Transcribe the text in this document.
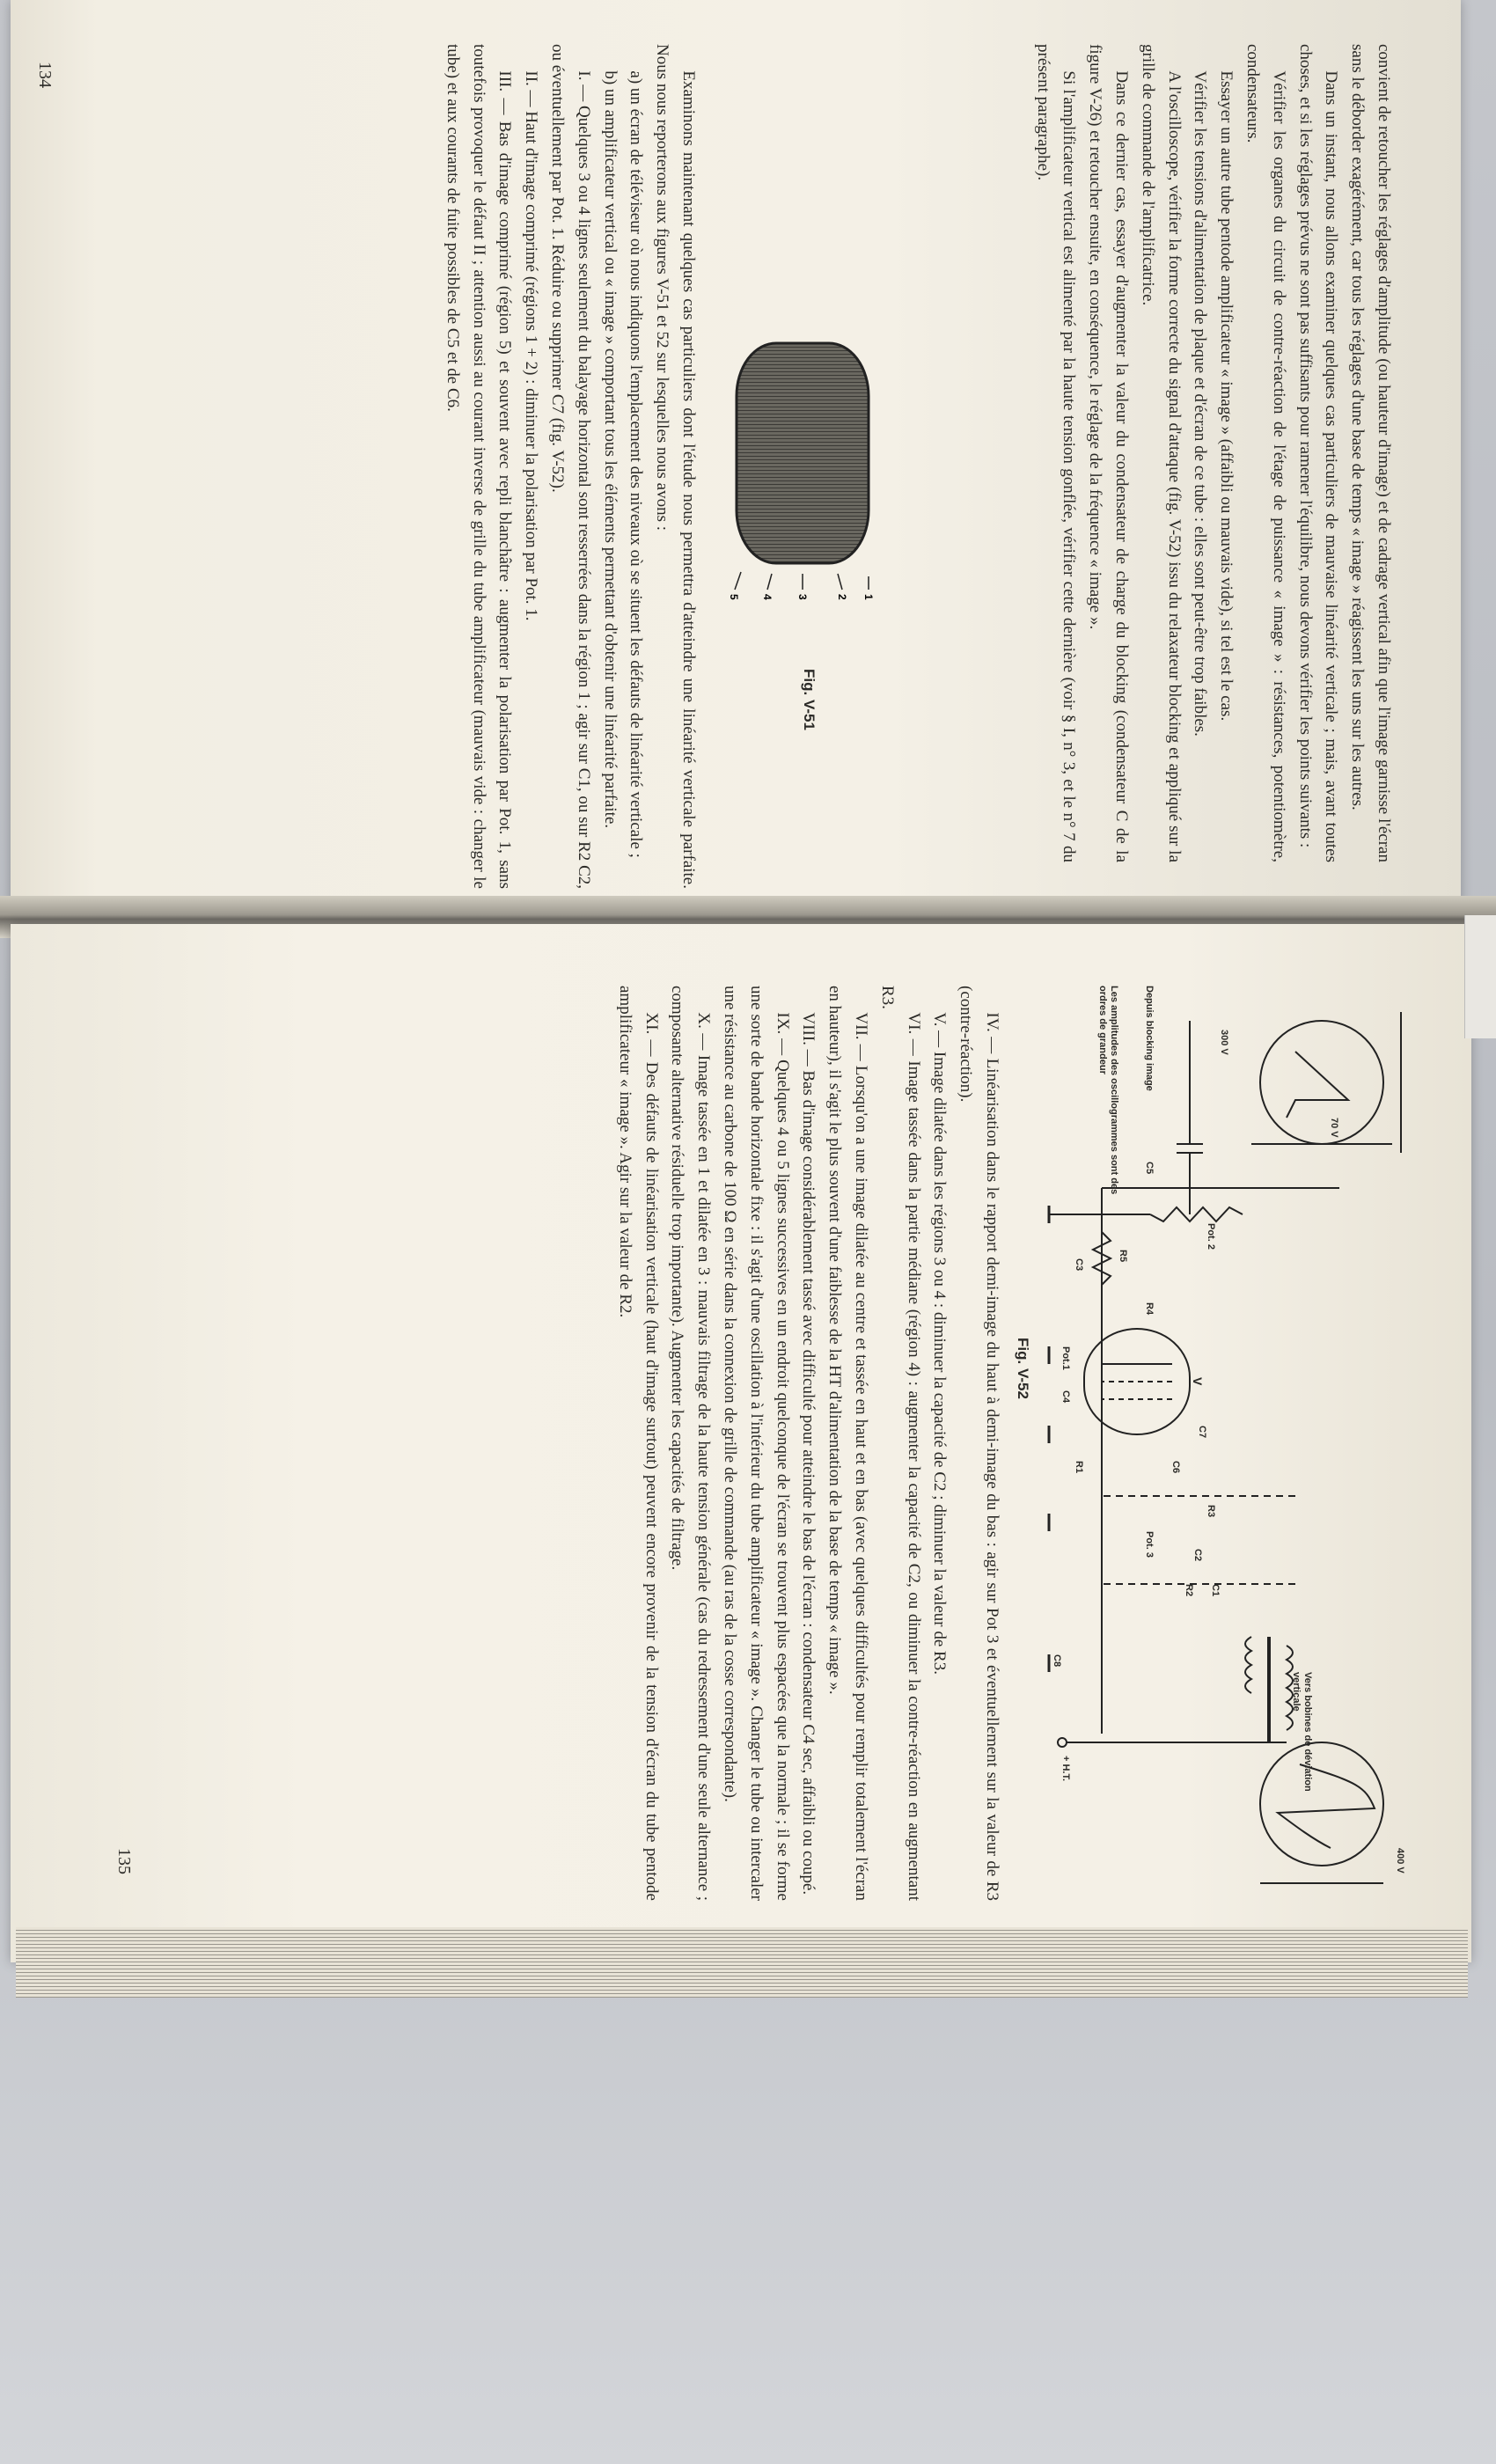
convient de retoucher les réglages d'amplitude (ou hauteur d'image) et de cadrage vertical afin que l'image garnisse l'écran sans le déborder exagérément, car tous les réglages d'une base de temps « image » réagissent les uns sur les autres.

Dans un instant, nous allons examiner quelques cas particuliers de mauvaise linéarité verticale ; mais, avant toutes choses, et si les réglages prévus ne sont pas suffisants pour ramener l'équilibre, nous devons vérifier les points suivants :

Vérifier les organes du circuit de contre-réaction de l'étage de puissance « image » : résistances, potentiomètre, condensateurs.

Essayer un autre tube pentode amplificateur « image » (affaibli ou mauvais vide), si tel est le cas.

Vérifier les tensions d'alimentation de plaque et d'écran de ce tube : elles sont peut-être trop faibles.

A l'oscilloscope, vérifier la forme correcte du signal d'attaque (fig. V-52) issu du relaxateur blocking et appliqué sur la grille de commande de l'amplificatrice.

Dans ce dernier cas, essayer d'augmenter la valeur du condensateur de charge du blocking (condensateur C de la figure V-26) et retoucher ensuite, en conséquence, le réglage de la fréquence « image ».

Si l'amplificateur vertical est alimenté par la haute tension gonflée, vérifier cette dernière (voir § I, n° 3, et le n° 7 du présent paragraphe).

1
2
3
4
5
Fig. V-51

Examinons maintenant quelques cas particuliers dont l'étude nous permettra d'atteindre une linéarité verticale parfaite. Nous nous reporterons aux figures V-51 et 52 sur lesquelles nous avons :

a) un écran de téléviseur où nous indiquons l'emplacement des niveaux où se situent les défauts de linéarité verticale ;

b) un amplificateur vertical ou « image » comportant tous les éléments permettant d'obtenir une linéarité parfaite.

I. — Quelques 3 ou 4 lignes seulement du balayage horizontal sont resserrées dans la région 1 ; agir sur C1, ou sur R2 C2, ou éventuellement par Pot. 1. Réduire ou supprimer C7 (fig. V-52).

II. — Haut d'image comprimé (régions 1 + 2) : diminuer la polarisation par Pot. 1.

III. — Bas d'image comprimé (région 5) et souvent avec repli blanchâtre : augmenter la polarisation par Pot. 1, sans toutefois provoquer le défaut II ; attention aussi au courant inverse de grille du tube amplificateur (mauvais vide : changer le tube) et aux courants de fuite possibles de C5 et de C6.

134
Depuis blocking image
Les amplitudes des oscillogrammes sont des ordres de grandeur	300 V
70 V
400 V
V
R5
C3
C5
Pot. 2
R4
Pot.1
C4
C7
R1	C6
R3
Pot. 3	C2
R2 C1
C8
Vers bobines de déviation verticale
+ H.T.
Fig. V-52

IV. — Linéarisation dans le rapport demi-image du haut à demi-image du bas : agir sur Pot 3 et éventuellement sur la valeur de R3 (contre-réaction).

V. — Image dilatée dans les régions 3 ou 4 : diminuer la capacité de C2 ; diminuer la valeur de R3.

VI. — Image tassée dans la partie médiane (région 4) : augmenter la capacité de C2, ou diminuer la contre-réaction en augmentant R3.

VII. — Lorsqu'on a une image dilatée au centre et tassée en haut et en bas (avec quelques difficultés pour remplir totalement l'écran en hauteur), il s'agit le plus souvent d'une faiblesse de la HT d'alimentation de la base de temps « image ».

VIII. — Bas d'image considérablement tassé avec difficulté pour atteindre le bas de l'écran : condensateur C4 sec, affaibli ou coupé.

IX. — Quelques 4 ou 5 lignes successives en un endroit quelconque de l'écran se trouvent plus espacées que la normale ; il se forme une sorte de bande horizontale fixe : il s'agit d'une oscillation à l'intérieur du tube amplificateur « image ». Changer le tube ou intercaler une résistance au carbone de 100 Ω en série dans la connexion de grille de commande (au ras de la cosse correspondante).

X. — Image tassée en 1 et dilatée en 3 : mauvais filtrage de la haute tension générale (cas du redressement d'une seule alternance ; composante alternative résiduelle trop importante). Augmenter les capacités de filtrage.

XI. — Des défauts de linéarisation verticale (haut d'image surtout) peuvent encore provenir de la tension d'écran du tube pentode amplificateur « image ». Agir sur la valeur de R2.

135
